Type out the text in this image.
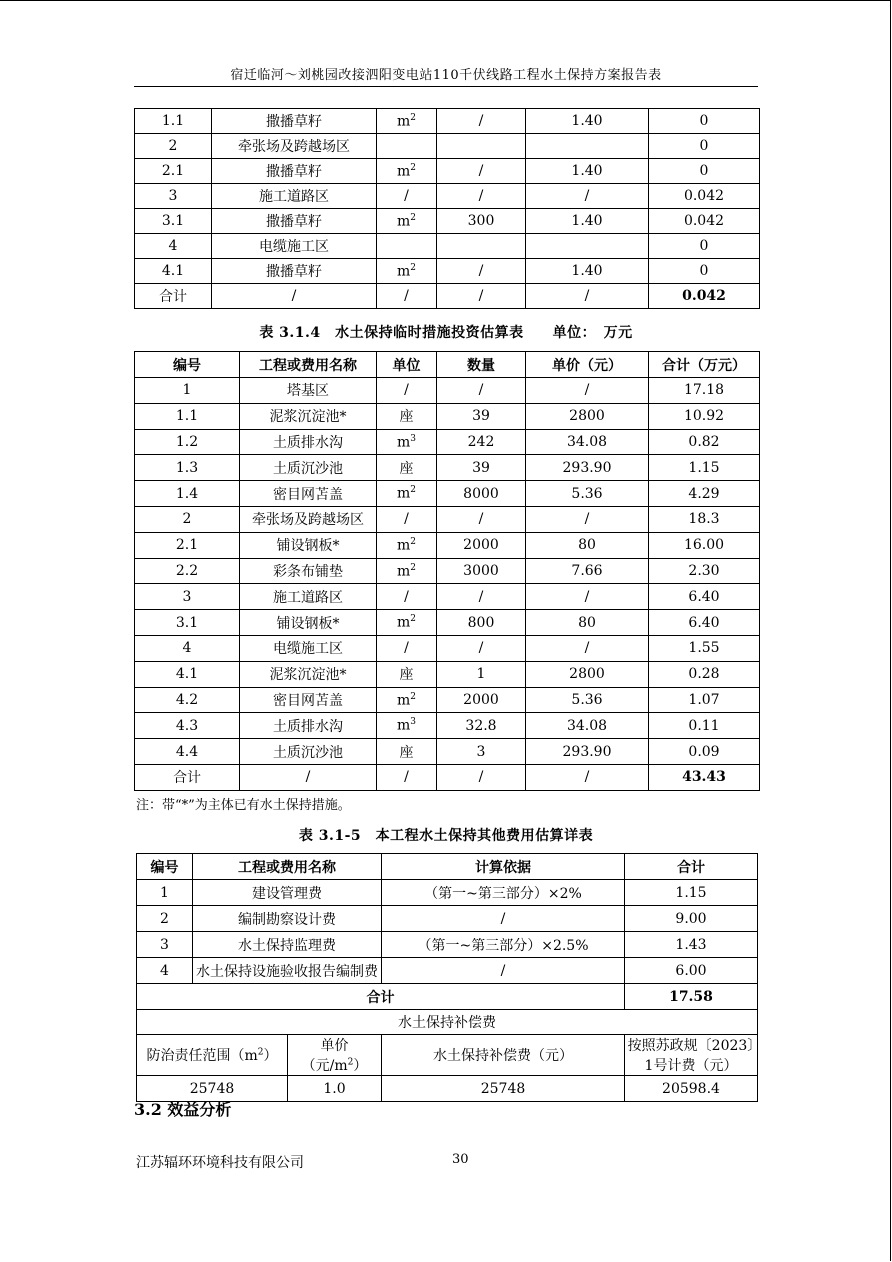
宿迁临河～刘桃园改接泗阳变电站110千伏线路工程水土保持方案报告表
1.1	撒播草籽	$m^2$	/	1.40	0
2	牵张场及跨越场区				0
2.1	撒播草籽	$m^2$	/	1.40	0
3	施工道路区	/	/	/	0.042
3.1	撒播草籽	$m^2$	300	1.40	0.042
4	电缆施工区				0
4.1	撒播草籽	$m^2$	/	1.40	0
合计	/	/	/	/	0.042
表 3.1.4　水土保持临时措施投资估算表　　单位：　万元
编号	工程或费用名称	单位	数量	单价（元）	合计（万元）
1	塔基区	/	/	/	17.18
1.1	泥浆沉淀池*	座	39	2800	10.92
1.2	土质排水沟	$m^3$	242	34.08	0.82
1.3	土质沉沙池	座	39	293.90	1.15
1.4	密目网苫盖	$m^2$	8000	5.36	4.29
2	牵张场及跨越场区	/	/	/	18.3
2.1	铺设钢板*	$m^2$	2000	80	16.00
2.2	彩条布铺垫	$m^2$	3000	7.66	2.30
3	施工道路区	/	/	/	6.40
3.1	铺设钢板*	$m^2$	800	80	6.40
4	电缆施工区	/	/	/	1.55
4.1	泥浆沉淀池*	座	1	2800	0.28
4.2	密目网苫盖	$m^2$	2000	5.36	1.07
4.3	土质排水沟	$m^3$	32.8	34.08	0.11
4.4	土质沉沙池	座	3	293.90	0.09
合计	/	/	/	/	43.43
注：带“*”为主体已有水土保持措施。
表 3.1-5　本工程水土保持其他费用估算详表
编号	工程或费用名称		计算依据	合计
1	建设管理费		（第一~第三部分）×2%	1.15
2	编制勘察设计费		/	9.00
3	水土保持监理费		（第一~第三部分）×2.5%	1.43
4	水土保持设施验收报告编制费		/	6.00
合计				17.58
水土保持补偿费				
防治责任范围$(m^2)$		单价（元$/m^2$）	水土保持补偿费（元）	按照苏政规〔2023〕1号计费（元）
25748		1.0	25748	20598.4
3.2 效益分析
江苏辐环环境科技有限公司	30
